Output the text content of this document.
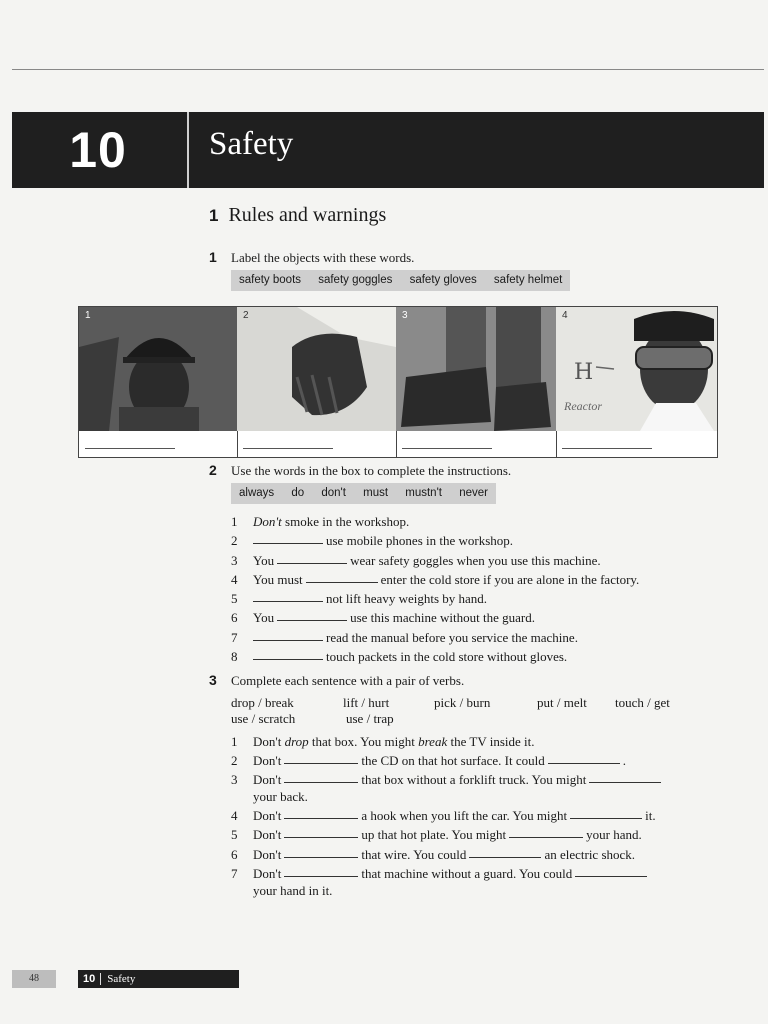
10	Safety
1 Rules and warnings
1 Label the objects with these words.
safety boots safety goggles safety gloves safety helmet
1	2	3
H
4
Reactor
2 Use the words in the box to complete the instructions.
always do don't must mustn't never
1 Don't smoke in the workshop.
2	use mobile phones in the workshop.
3 You	wear safety goggles when you use this machine.
4 You must	enter the cold store if you are alone in the factory.
5	not lift heavy weights by hand.
6 You	use this machine without the guard.
7	read the manual before you service the machine.
8	touch packets in the cold store without gloves.
3 Complete each sentence with a pair of verbs.
drop / break	lift / hurt	pick / burn	put / melt touch / get
use / scratch	use / trap
1 Don't drop that box. You might break the TV inside it.
2 Don't	the CD on that hot surface. It could	.
3 Don't	that box without a forklift truck. You might
your back.
4 Don't	a hook when you lift the car. You might	it.
5 Don't	up that hot plate. You might	your hand.
6 Don't	that wire. You could	an electric shock.
7 Don't	that machine without a guard. You could
your hand in it.
48	10 Safety
